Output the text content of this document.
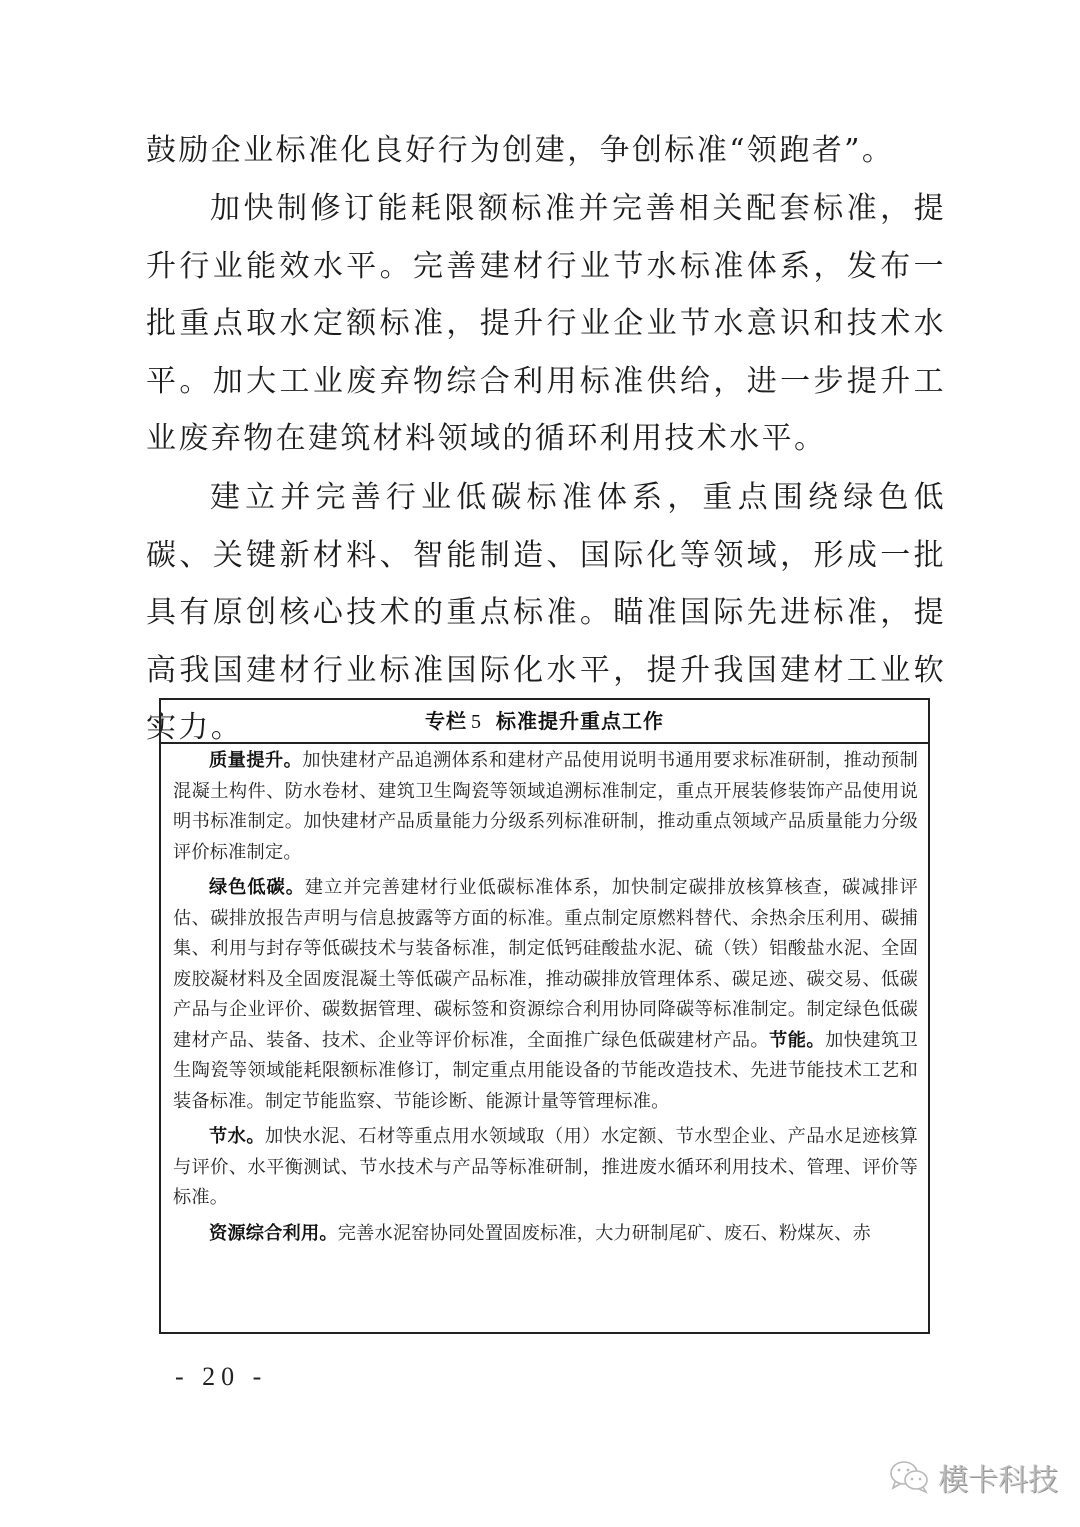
鼓励企业标准化良好行为创建，争创标准“领跑者”。

加快制修订能耗限额标准并完善相关配套标准，提升行业能效水平。完善建材行业节水标准体系，发布一批重点取水定额标准，提升行业企业节水意识和技术水平。加大工业废弃物综合利用标准供给，进一步提升工业废弃物在建筑材料领域的循环利用技术水平。

建立并完善行业低碳标准体系，重点围绕绿色低碳、关键新材料、智能制造、国际化等领域，形成一批具有原创核心技术的重点标准。瞄准国际先进标准，提高我国建材行业标准国际化水平，提升我国建材工业软实力。	专栏 5 标准提升重点工作

质量提升。加快建材产品追溯体系和建材产品使用说明书通用要求标准研制，推动预制混凝土构件、防水卷材、建筑卫生陶瓷等领域追溯标准制定，重点开展装修装饰产品使用说明书标准制定。加快建材产品质量能力分级系列标准研制，推动重点领域产品质量能力分级评价标准制定。

绿色低碳。建立并完善建材行业低碳标准体系，加快制定碳排放核算核查，碳减排评估、碳排放报告声明与信息披露等方面的标准。重点制定原燃料替代、余热余压利用、碳捕集、利用与封存等低碳技术与装备标准，制定低钙硅酸盐水泥、硫（铁）铝酸盐水泥、全固废胶凝材料及全固废混凝土等低碳产品标准，推动碳排放管理体系、碳足迹、碳交易、低碳产品与企业评价、碳数据管理、碳标签和资源综合利用协同降碳等标准制定。制定绿色低碳建材产品、装备、技术、企业等评价标准，全面推广绿色低碳建材产品。节能。加快建筑卫生陶瓷等领域能耗限额标准修订，制定重点用能设备的节能改造技术、先进节能技术工艺和装备标准。制定节能监察、节能诊断、能源计量等管理标准。

节水。加快水泥、石材等重点用水领域取（用）水定额、节水型企业、产品水足迹核算与评价、水平衡测试、节水技术与产品等标准研制，推进废水循环利用技术、管理、评价等标准。

资源综合利用。完善水泥窑协同处置固废标准，大力研制尾矿、废石、粉煤灰、赤

- 20 -
模卡科技
